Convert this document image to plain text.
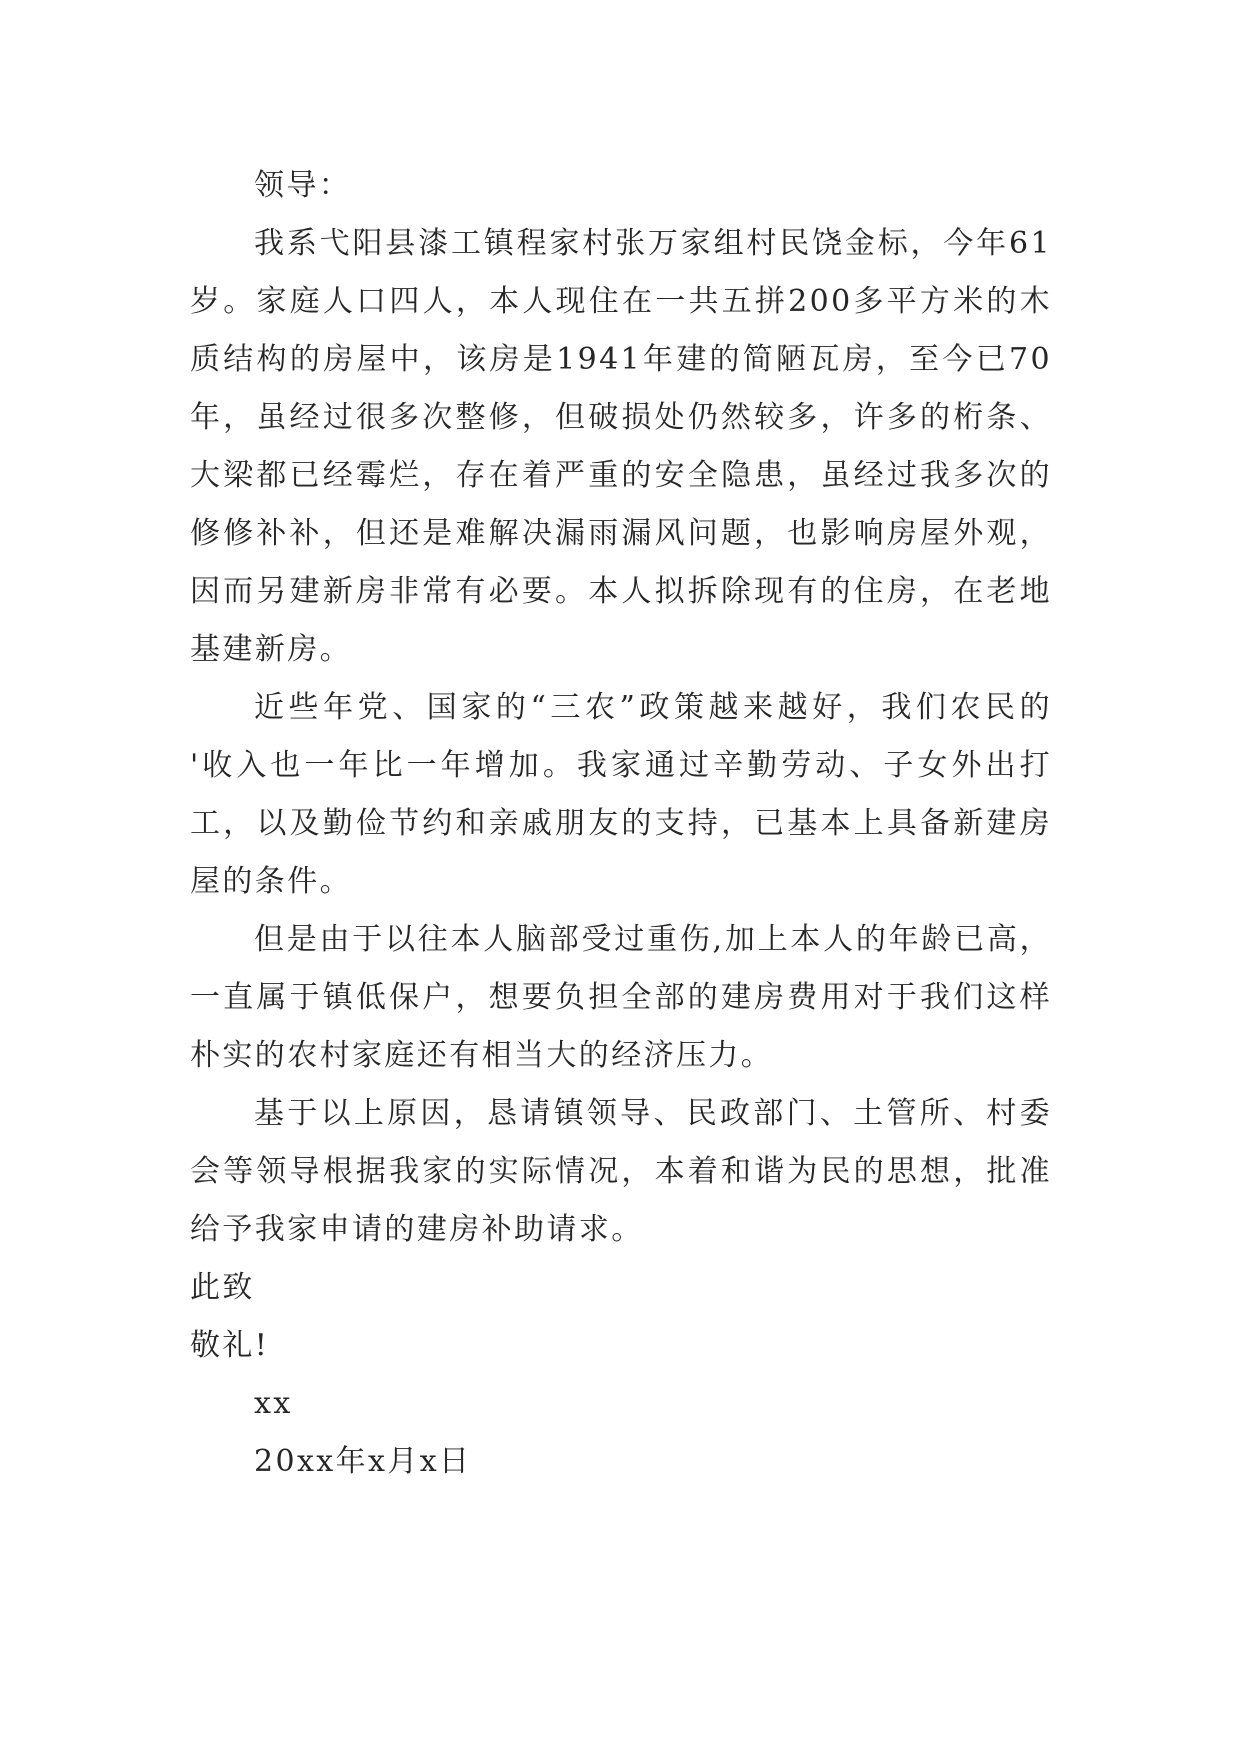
领导：
我系弋阳县漆工镇程家村张万家组村民饶金标，今年61
岁。家庭人口四人，本人现住在一共五拼200多平方米的木
质结构的房屋中，该房是1941年建的简陋瓦房，至今已70
年，虽经过很多次整修，但破损处仍然较多，许多的桁条、
大梁都已经霉烂，存在着严重的安全隐患，虽经过我多次的
修修补补，但还是难解决漏雨漏风问题，也影响房屋外观，
因而另建新房非常有必要。本人拟拆除现有的住房，在老地
基建新房。
近些年党、国家的“三农”政策越来越好，我们农民的
'收入也一年比一年增加。我家通过辛勤劳动、子女外出打
工，以及勤俭节约和亲戚朋友的支持，已基本上具备新建房
屋的条件。
但是由于以往本人脑部受过重伤,加上本人的年龄已高，
一直属于镇低保户，想要负担全部的建房费用对于我们这样
朴实的农村家庭还有相当大的经济压力。
基于以上原因，恳请镇领导、民政部门、土管所、村委
会等领导根据我家的实际情况，本着和谐为民的思想，批准
给予我家申请的建房补助请求。
此致
敬礼!
xx
20xx年x月x日
